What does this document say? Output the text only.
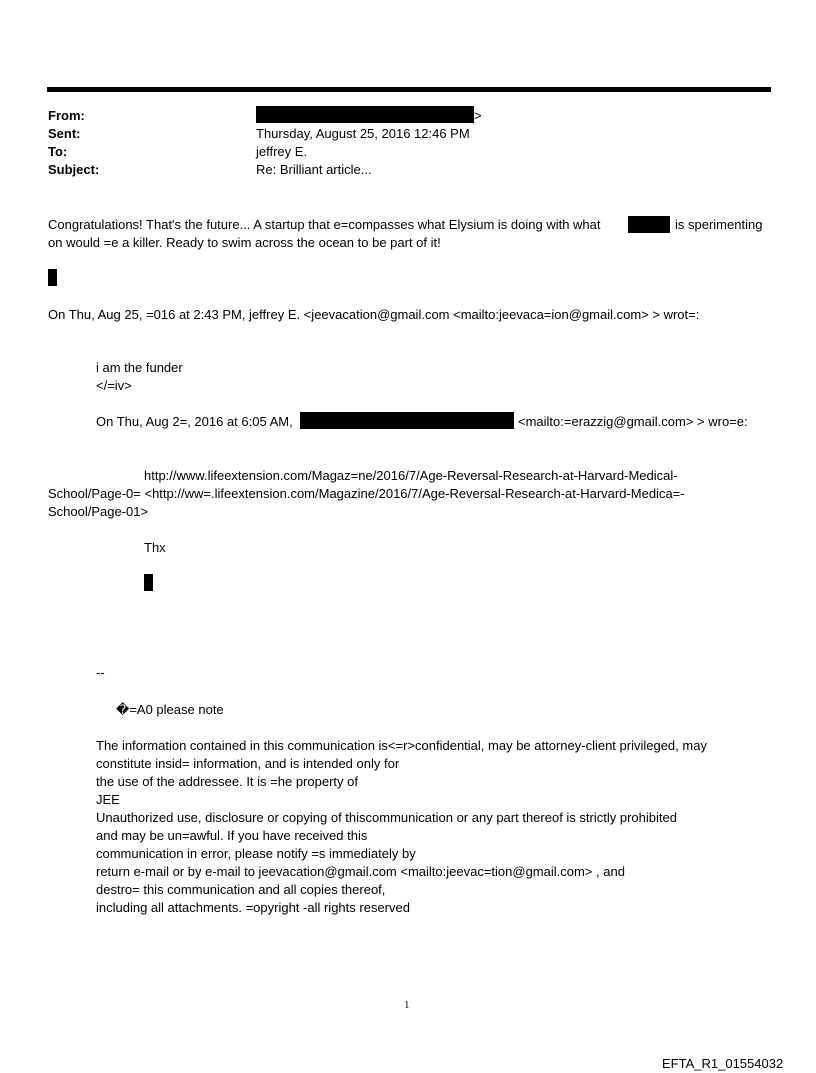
From:	>
Sent:	Thursday, August 25, 2016 12:46 PM
To:	jeffrey E.
Subject:	Re: Brilliant article...
Congratulations! That's the future... A startup that e=compasses what Elysium is doing with what	is sperimenting
on would =e a killer. Ready to swim across the ocean to be part of it!
On Thu, Aug 25, =016 at 2:43 PM, jeffrey E. <jeevacation@gmail.com <mailto:jeevaca=ion@gmail.com> > wrot=:
i am the funder
</=iv>
On Thu, Aug 2=, 2016 at 6:05 AM,	<mailto:=erazzig@gmail.com> > wro=e:
http://www.lifeextension.com/Magaz=ne/2016/7/Age-Reversal-Research-at-Harvard-Medical-
School/Page-0= <http://ww=.lifeextension.com/Magazine/2016/7/Age-Reversal-Research-at-Harvard-Medica=-
School/Page-01>
Thx
--
�=A0 please note
The information contained in this communication is<=r>confidential, may be attorney-client privileged, may
constitute insid= information, and is intended only for
the use of the addressee. It is =he property of
JEE
Unauthorized use, disclosure or copying of thiscommunication or any part thereof is strictly prohibited
and may be un=awful. If you have received this
communication in error, please notify =s immediately by
return e-mail or by e-mail to jeevacation@gmail.com <mailto:jeevac=tion@gmail.com> , and
destro= this communication and all copies thereof,
including all attachments. =opyright -all rights reserved
1
EFTA_R1_01554032
